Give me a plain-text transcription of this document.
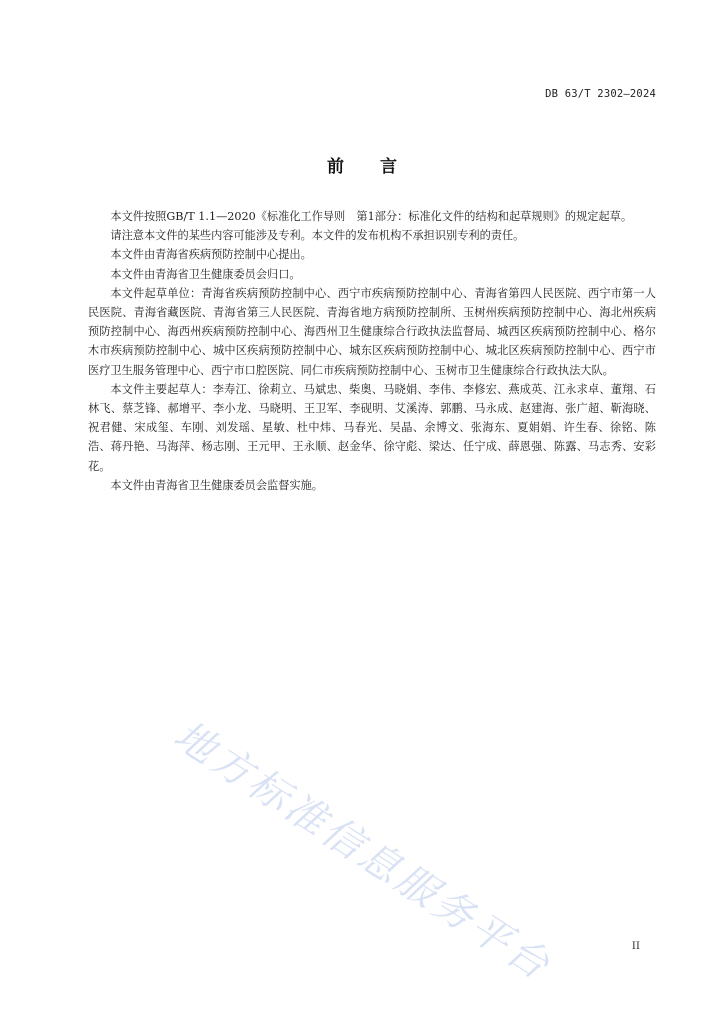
DB 63/T 2302—2024
前言

本文件按照GB/T 1.1—2020《标准化工作导则　第1部分：标准化文件的结构和起草规则》的规定起草。

请注意本文件的某些内容可能涉及专利。本文件的发布机构不承担识别专利的责任。

本文件由青海省疾病预防控制中心提出。

本文件由青海省卫生健康委员会归口。

本文件起草单位：青海省疾病预防控制中心、西宁市疾病预防控制中心、青海省第四人民医院、西宁市第一人民医院、青海省藏医院、青海省第三人民医院、青海省地方病预防控制所、玉树州疾病预防控制中心、海北州疾病预防控制中心、海西州疾病预防控制中心、海西州卫生健康综合行政执法监督局、城西区疾病预防控制中心、格尔木市疾病预防控制中心、城中区疾病预防控制中心、城东区疾病预防控制中心、城北区疾病预防控制中心、西宁市医疗卫生服务管理中心、西宁市口腔医院、同仁市疾病预防控制中心、玉树市卫生健康综合行政执法大队。

本文件主要起草人：李寿江、徐莉立、马斌忠、柴奥、马晓娟、李伟、李修宏、燕成英、江永求卓、董翔、石林飞、蔡芝锋、郝增平、李小龙、马晓明、王卫军、李砚明、艾溪涛、郭鹏、马永成、赵建海、张广超、靳海晓、祝君健、宋成玺、车刚、刘发瑶、星敏、杜中炜、马春光、吴晶、余博文、张海东、夏娟娟、许生春、徐铭、陈浩、蒋丹艳、马海萍、杨志刚、王元甲、王永顺、赵金华、徐守彪、梁达、任宁成、薛恩强、陈露、马志秀、安彩花。

本文件由青海省卫生健康委员会监督实施。

地方标准信息服务平台	II
